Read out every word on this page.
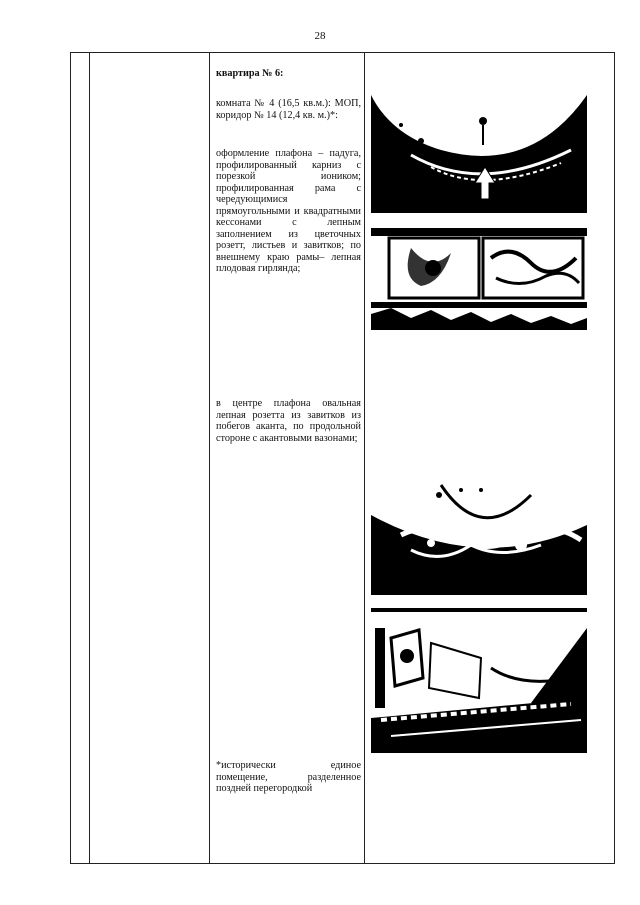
28

квартира № 6:

комната № 4 (16,5 кв.м.): МОП, коридор № 14 (12,4 кв. м.)*:

оформление плафона – падуга, профилированный карниз с порезкой иоником; профилированная рама с чередующимися прямоугольными и квадратными кессонами с лепным заполнением из цветочных розетт, листьев и завитков; по внешнему краю рамы– лепная плодовая гирлянда;

в центре плафона овальная лепная розетта из завитков из побегов аканта, по продольной стороне с акантовыми вазонами;

*исторически единое помещение, разделенное поздней перегородкой
